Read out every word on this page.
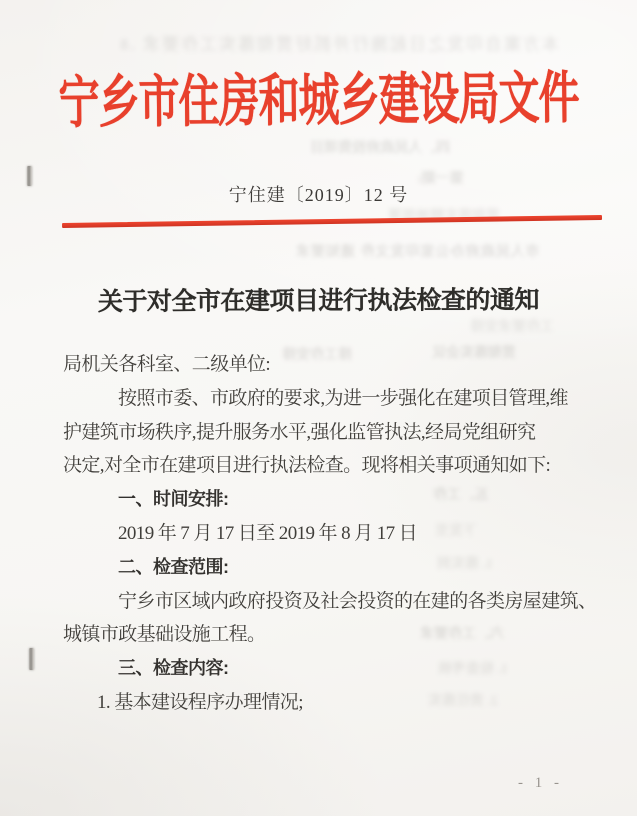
本方案自印发之日起施行并抓好贯彻落实工作要求 .8
四、人民政府投资项目
第一期:
市人民政府办公室印发文件 通知要求
工作要求安排
排工作安排	贯彻落实会议
五、工作
下发至
1. 落实到
六、工作要求
1. 检查考核
2. 责任落实
宁乡市住房和城乡建设局文件
宁住建〔2019〕12 号
关于对全市在建项目进行执法检查的通知
局机关各科室、二级单位:
按照市委、市政府的要求,为进一步强化在建项目管理,维
护建筑市场秩序,提升服务水平,强化监管执法,经局党组研究
决定,对全市在建项目进行执法检查。现将相关事项通知如下:
一、时间安排:
2019 年 7 月 17 日至 2019 年 8 月 17 日
二、检查范围:
宁乡市区域内政府投资及社会投资的在建的各类房屋建筑、
城镇市政基础设施工程。
三、检查内容:
1. 基本建设程序办理情况;
- 1 -
